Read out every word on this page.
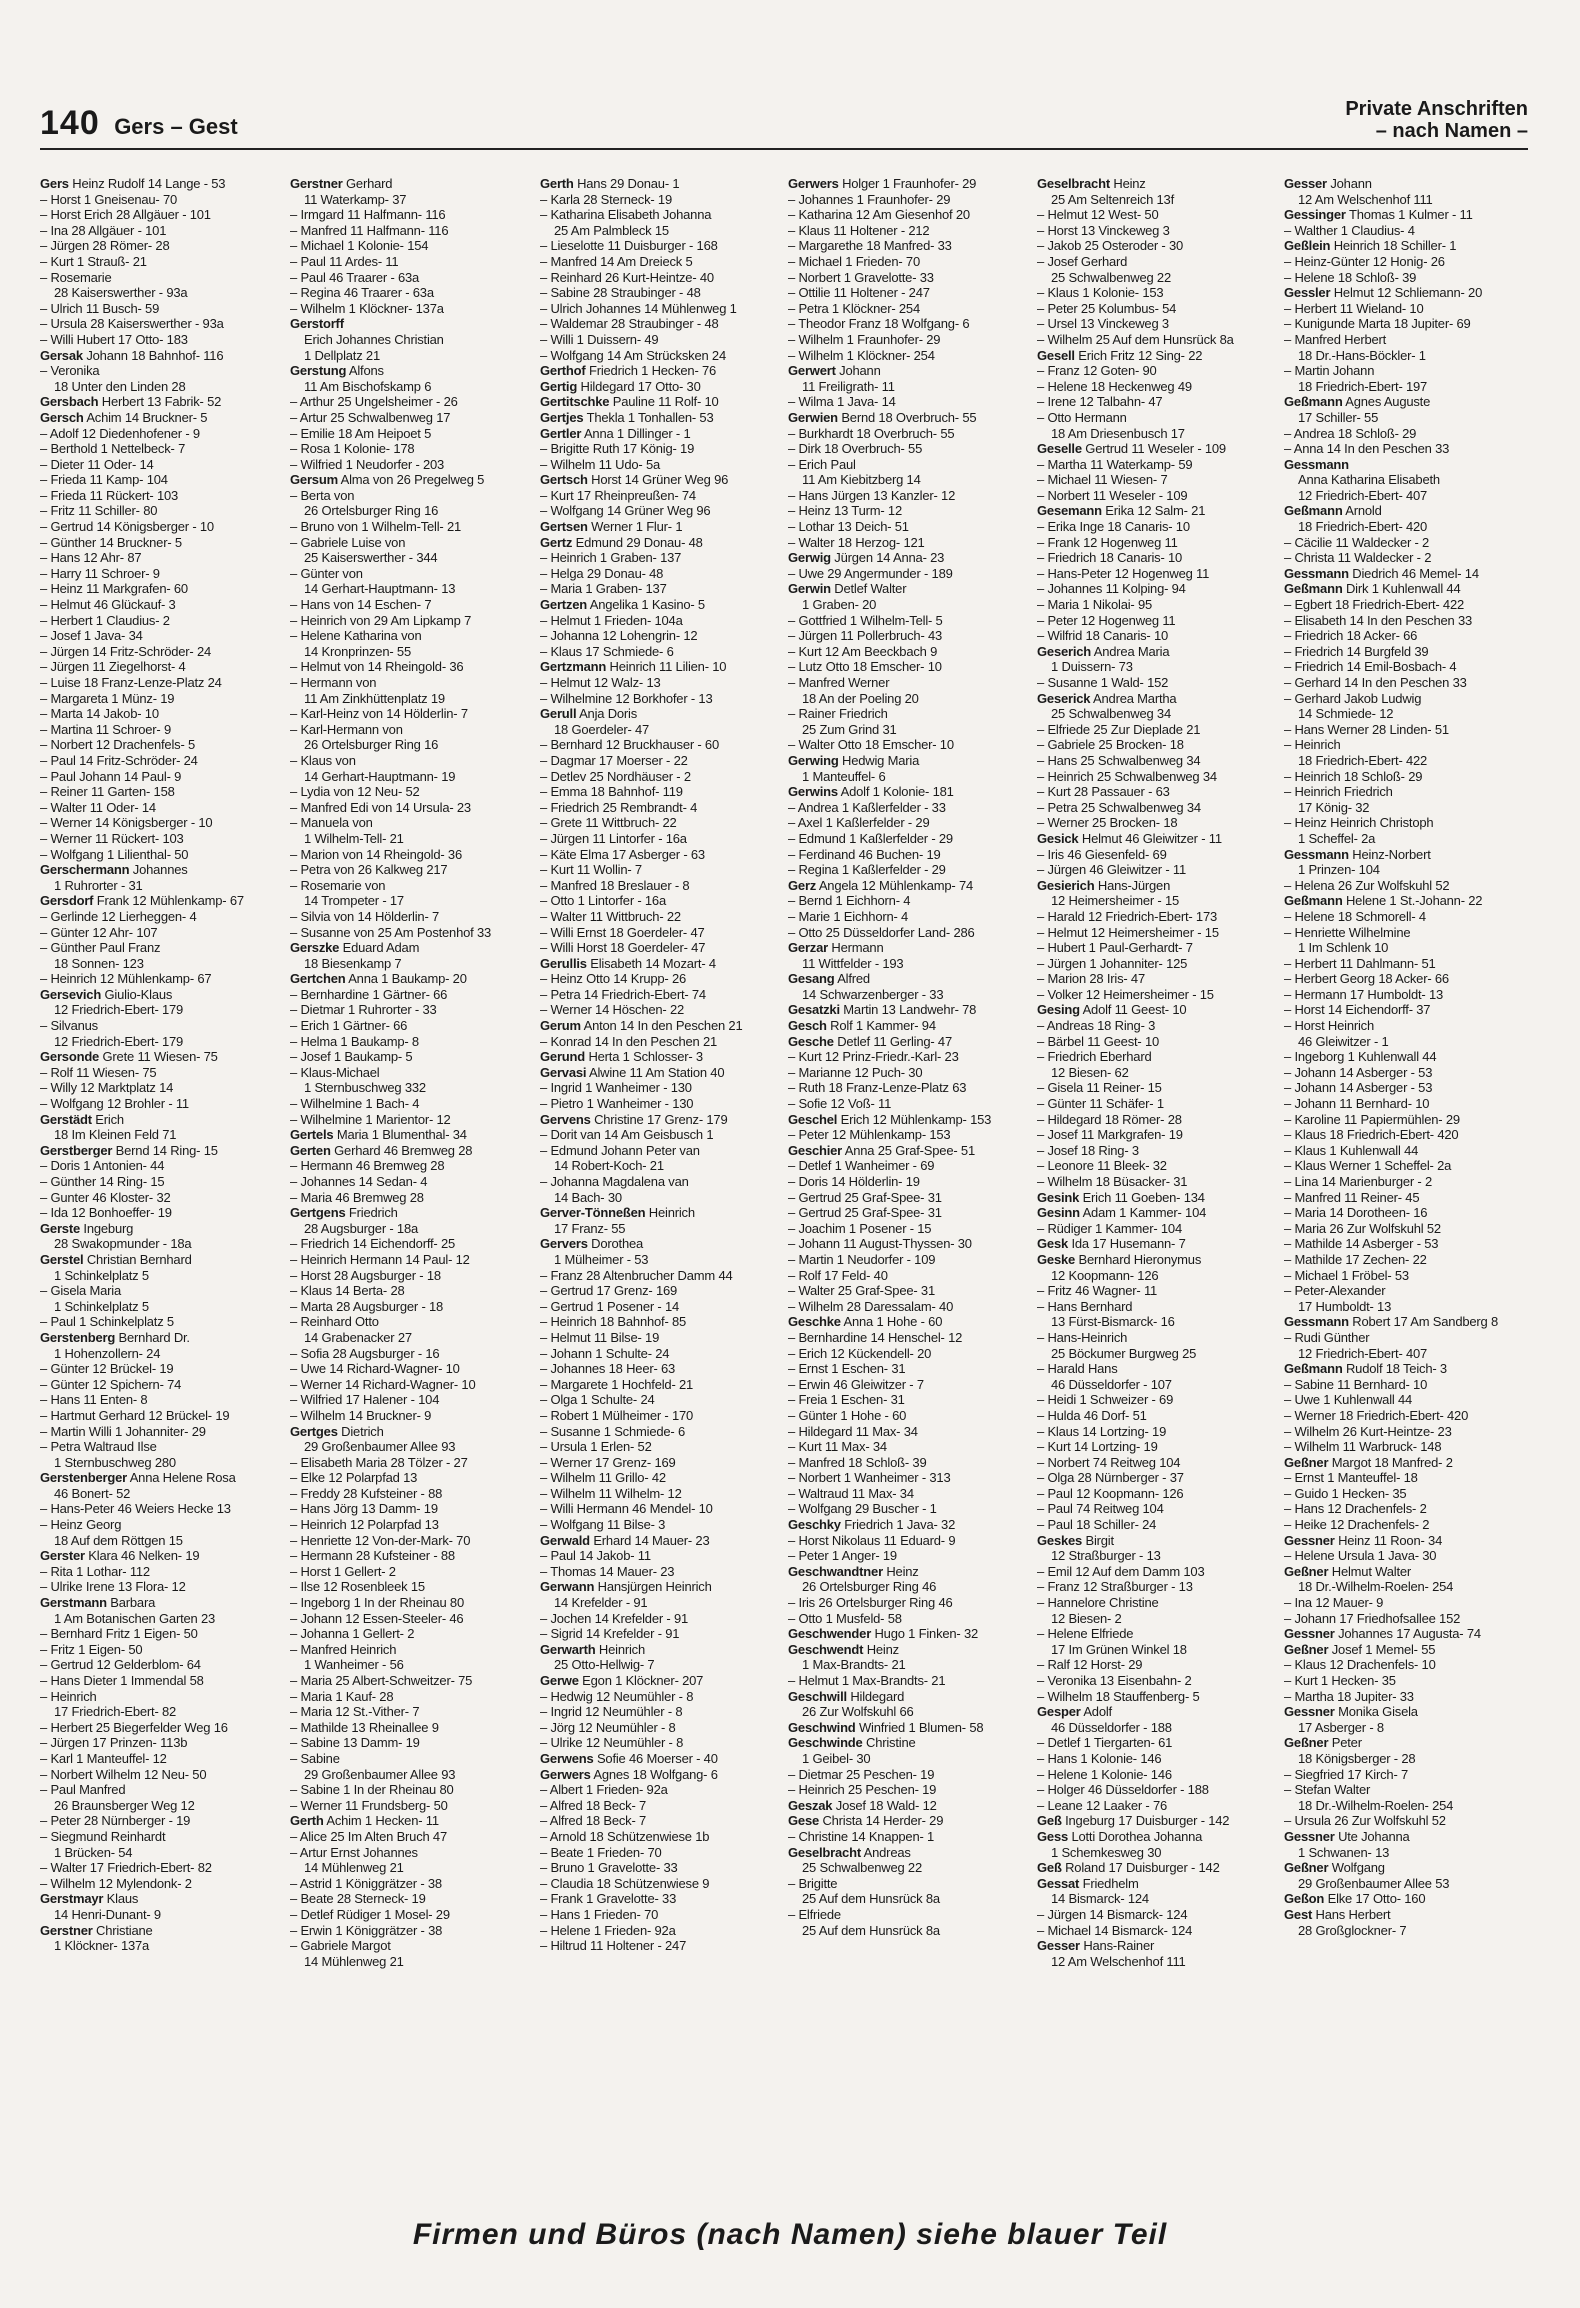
140 Gers – Gest
Private Anschriften
– nach Namen –
Gers Heinz Rudolf 14 Lange - 53
– Horst 1 Gneisenau- 70
– Horst Erich 28 Allgäuer - 101
– Ina 28 Allgäuer - 101
– Jürgen 28 Römer- 28
– Kurt 1 Strauß- 21
– Rosemarie
28 Kaiserswerther - 93a
– Ulrich 11 Busch- 59
– Ursula 28 Kaiserswerther - 93a
– Willi Hubert 17 Otto- 183
Gersak Johann 18 Bahnhof- 116
– Veronika
18 Unter den Linden 28
Gersbach Herbert 13 Fabrik- 52
Gersch Achim 14 Bruckner- 5
– Adolf 12 Diedenhofener - 9
– Berthold 1 Nettelbeck- 7
– Dieter 11 Oder- 14
– Frieda 11 Kamp- 104
– Frieda 11 Rückert- 103
– Fritz 11 Schiller- 80
– Gertrud 14 Königsberger - 10
– Günther 14 Bruckner- 5
– Hans 12 Ahr- 87
– Harry 11 Schroer- 9
– Heinz 11 Markgrafen- 60
– Helmut 46 Glückauf- 3
– Herbert 1 Claudius- 2
– Josef 1 Java- 34
– Jürgen 14 Fritz-Schröder- 24
– Jürgen 11 Ziegelhorst- 4
– Luise 18 Franz-Lenze-Platz 24
– Margareta 1 Münz- 19
– Marta 14 Jakob- 10
– Martina 11 Schroer- 9
– Norbert 12 Drachenfels- 5
– Paul 14 Fritz-Schröder- 24
– Paul Johann 14 Paul- 9
– Reiner 11 Garten- 158
– Walter 11 Oder- 14
– Werner 14 Königsberger - 10
– Werner 11 Rückert- 103
– Wolfgang 1 Lilienthal- 50
Gerschermann Johannes
1 Ruhrorter - 31
Gersdorf Frank 12 Mühlenkamp- 67
– Gerlinde 12 Lierheggen- 4
– Günter 12 Ahr- 107
– Günther Paul Franz
18 Sonnen- 123
– Heinrich 12 Mühlenkamp- 67
Gersevich Giulio-Klaus
12 Friedrich-Ebert- 179
– Silvanus
12 Friedrich-Ebert- 179
Gersonde Grete 11 Wiesen- 75
– Rolf 11 Wiesen- 75
– Willy 12 Marktplatz 14
– Wolfgang 12 Brohler - 11
Gerstädt Erich
18 Im Kleinen Feld 71
Gerstberger Bernd 14 Ring- 15
– Doris 1 Antonien- 44
– Günther 14 Ring- 15
– Gunter 46 Kloster- 32
– Ida 12 Bonhoeffer- 19
Gerste Ingeburg
28 Swakopmunder - 18a
Gerstel Christian Bernhard
1 Schinkelplatz 5
– Gisela Maria
1 Schinkelplatz 5
– Paul 1 Schinkelplatz 5
Gerstenberg Bernhard Dr.
1 Hohenzollern- 24
– Günter 12 Brückel- 19
– Günter 12 Spichern- 74
– Hans 11 Enten- 8
– Hartmut Gerhard 12 Brückel- 19
– Martin Willi 1 Johanniter- 29
– Petra Waltraud Ilse
1 Sternbuschweg 280
Gerstenberger Anna Helene Rosa
46 Bonert- 52
– Hans-Peter 46 Weiers Hecke 13
– Heinz Georg
18 Auf dem Röttgen 15
Gerster Klara 46 Nelken- 19
– Rita 1 Lothar- 112
– Ulrike Irene 13 Flora- 12
Gerstmann Barbara
1 Am Botanischen Garten 23
– Bernhard Fritz 1 Eigen- 50
– Fritz 1 Eigen- 50
– Gertrud 12 Gelderblom- 64
– Hans Dieter 1 Immendal 58
– Heinrich
17 Friedrich-Ebert- 82
– Herbert 25 Biegerfelder Weg 16
– Jürgen 17 Prinzen- 113b
– Karl 1 Manteuffel- 12
– Norbert Wilhelm 12 Neu- 50
– Paul Manfred
26 Braunsberger Weg 12
– Peter 28 Nürnberger - 19
– Siegmund Reinhardt
1 Brücken- 54
– Walter 17 Friedrich-Ebert- 82
– Wilhelm 12 Mylendonk- 2
Gerstmayr Klaus
14 Henri-Dunant- 9
Gerstner Christiane
1 Klöckner- 137a
Gerstner Gerhard
11 Waterkamp- 37
– Irmgard 11 Halfmann- 116
– Manfred 11 Halfmann- 116
– Michael 1 Kolonie- 154
– Paul 11 Ardes- 11
– Paul 46 Traarer - 63a
– Regina 46 Traarer - 63a
– Wilhelm 1 Klöckner- 137a
Gerstorff
Erich Johannes Christian
1 Dellplatz 21
Gerstung Alfons
11 Am Bischofskamp 6
– Arthur 25 Ungelsheimer - 26
– Artur 25 Schwalbenweg 17
– Emilie 18 Am Heipoet 5
– Rosa 1 Kolonie- 178
– Wilfried 1 Neudorfer - 203
Gersum Alma von 26 Pregelweg 5
– Berta von
26 Ortelsburger Ring 16
– Bruno von 1 Wilhelm-Tell- 21
– Gabriele Luise von
25 Kaiserswerther - 344
– Günter von
14 Gerhart-Hauptmann- 13
– Hans von 14 Eschen- 7
– Heinrich von 29 Am Lipkamp 7
– Helene Katharina von
14 Kronprinzen- 55
– Helmut von 14 Rheingold- 36
– Hermann von
11 Am Zinkhüttenplatz 19
– Karl-Heinz von 14 Hölderlin- 7
– Karl-Hermann von
26 Ortelsburger Ring 16
– Klaus von
14 Gerhart-Hauptmann- 19
– Lydia von 12 Neu- 52
– Manfred Edi von 14 Ursula- 23
– Manuela von
1 Wilhelm-Tell- 21
– Marion von 14 Rheingold- 36
– Petra von 26 Kalkweg 217
– Rosemarie von
14 Trompeter - 17
– Silvia von 14 Hölderlin- 7
– Susanne von 25 Am Postenhof 33
Gerszke Eduard Adam
18 Biesenkamp 7
Gertchen Anna 1 Baukamp- 20
– Bernhardine 1 Gärtner- 66
– Dietmar 1 Ruhrorter - 33
– Erich 1 Gärtner- 66
– Helma 1 Baukamp- 8
– Josef 1 Baukamp- 5
– Klaus-Michael
1 Sternbuschweg 332
– Wilhelmine 1 Bach- 4
– Wilhelmine 1 Marientor- 12
Gertels Maria 1 Blumenthal- 34
Gerten Gerhard 46 Bremweg 28
– Hermann 46 Bremweg 28
– Johannes 14 Sedan- 4
– Maria 46 Bremweg 28
Gertgens Friedrich
28 Augsburger - 18a
– Friedrich 14 Eichendorff- 25
– Heinrich Hermann 14 Paul- 12
– Horst 28 Augsburger - 18
– Klaus 14 Berta- 28
– Marta 28 Augsburger - 18
– Reinhard Otto
14 Grabenacker 27
– Sofia 28 Augsburger - 16
– Uwe 14 Richard-Wagner- 10
– Werner 14 Richard-Wagner- 10
– Wilfried 17 Halener - 104
– Wilhelm 14 Bruckner- 9
Gertges Dietrich
29 Großenbaumer Allee 93
– Elisabeth Maria 28 Tölzer - 27
– Elke 12 Polarpfad 13
– Freddy 28 Kufsteiner - 88
– Hans Jörg 13 Damm- 19
– Heinrich 12 Polarpfad 13
– Henriette 12 Von-der-Mark- 70
– Hermann 28 Kufsteiner - 88
– Horst 1 Gellert- 2
– Ilse 12 Rosenbleek 15
– Ingeborg 1 In der Rheinau 80
– Johann 12 Essen-Steeler- 46
– Johanna 1 Gellert- 2
– Manfred Heinrich
1 Wanheimer - 56
– Maria 25 Albert-Schweitzer- 75
– Maria 1 Kauf- 28
– Maria 12 St.-Vither- 7
– Mathilde 13 Rheinallee 9
– Sabine 13 Damm- 19
– Sabine
29 Großenbaumer Allee 93
– Sabine 1 In der Rheinau 80
– Werner 11 Frundsberg- 50
Gerth Achim 1 Hecken- 11
– Alice 25 Im Alten Bruch 47
– Artur Ernst Johannes
14 Mühlenweg 21
– Astrid 1 Königgrätzer - 38
– Beate 28 Sterneck- 19
– Detlef Rüdiger 1 Mosel- 29
– Erwin 1 Königgrätzer - 38
– Gabriele Margot
14 Mühlenweg 21
Gerth Hans 29 Donau- 1
– Karla 28 Sterneck- 19
– Katharina Elisabeth Johanna
25 Am Palmbleck 15
– Lieselotte 11 Duisburger - 168
– Manfred 14 Am Dreieck 5
– Reinhard 26 Kurt-Heintze- 40
– Sabine 28 Straubinger - 48
– Ulrich Johannes 14 Mühlenweg 1
– Waldemar 28 Straubinger - 48
– Willi 1 Duissern- 49
– Wolfgang 14 Am Strücksken 24
Gerthof Friedrich 1 Hecken- 76
Gertig Hildegard 17 Otto- 30
Gertitschke Pauline 11 Rolf- 10
Gertjes Thekla 1 Tonhallen- 53
Gertler Anna 1 Dillinger - 1
– Brigitte Ruth 17 König- 19
– Wilhelm 11 Udo- 5a
Gertsch Horst 14 Grüner Weg 96
– Kurt 17 Rheinpreußen- 74
– Wolfgang 14 Grüner Weg 96
Gertsen Werner 1 Flur- 1
Gertz Edmund 29 Donau- 48
– Heinrich 1 Graben- 137
– Helga 29 Donau- 48
– Maria 1 Graben- 137
Gertzen Angelika 1 Kasino- 5
– Helmut 1 Frieden- 104a
– Johanna 12 Lohengrin- 12
– Klaus 17 Schmiede- 6
Gertzmann Heinrich 11 Lilien- 10
– Helmut 12 Walz- 13
– Wilhelmine 12 Borkhofer - 13
Gerull Anja Doris
18 Goerdeler- 47
– Bernhard 12 Bruckhauser - 60
– Dagmar 17 Moerser - 22
– Detlev 25 Nordhäuser - 2
– Emma 18 Bahnhof- 119
– Friedrich 25 Rembrandt- 4
– Grete 11 Wittbruch- 22
– Jürgen 11 Lintorfer - 16a
– Käte Elma 17 Asberger - 63
– Kurt 11 Wollin- 7
– Manfred 18 Breslauer - 8
– Otto 1 Lintorfer - 16a
– Walter 11 Wittbruch- 22
– Willi Ernst 18 Goerdeler- 47
– Willi Horst 18 Goerdeler- 47
Gerullis Elisabeth 14 Mozart- 4
– Heinz Otto 14 Krupp- 26
– Petra 14 Friedrich-Ebert- 74
– Werner 14 Höschen- 22
Gerum Anton 14 In den Peschen 21
– Konrad 14 In den Peschen 21
Gerund Herta 1 Schlosser- 3
Gervasi Alwine 11 Am Station 40
– Ingrid 1 Wanheimer - 130
– Pietro 1 Wanheimer - 130
Gervens Christine 17 Grenz- 179
– Dorit van 14 Am Geisbusch 1
– Edmund Johann Peter van
14 Robert-Koch- 21
– Johanna Magdalena van
14 Bach- 30
Gerver-Tönneßen Heinrich
17 Franz- 55
Gervers Dorothea
1 Mülheimer - 53
– Franz 28 Altenbrucher Damm 44
– Gertrud 17 Grenz- 169
– Gertrud 1 Posener - 14
– Heinrich 18 Bahnhof- 85
– Helmut 11 Bilse- 19
– Johann 1 Schulte- 24
– Johannes 18 Heer- 63
– Margarete 1 Hochfeld- 21
– Olga 1 Schulte- 24
– Robert 1 Mülheimer - 170
– Susanne 1 Schmiede- 6
– Ursula 1 Erlen- 52
– Werner 17 Grenz- 169
– Wilhelm 11 Grillo- 42
– Wilhelm 11 Wilhelm- 12
– Willi Hermann 46 Mendel- 10
– Wolfgang 11 Bilse- 3
Gerwald Erhard 14 Mauer- 23
– Paul 14 Jakob- 11
– Thomas 14 Mauer- 23
Gerwann Hansjürgen Heinrich
14 Krefelder - 91
– Jochen 14 Krefelder - 91
– Sigrid 14 Krefelder - 91
Gerwarth Heinrich
25 Otto-Hellwig- 7
Gerwe Egon 1 Klöckner- 207
– Hedwig 12 Neumühler - 8
– Ingrid 12 Neumühler - 8
– Jörg 12 Neumühler - 8
– Ulrike 12 Neumühler - 8
Gerwens Sofie 46 Moerser - 40
Gerwers Agnes 18 Wolfgang- 6
– Albert 1 Frieden- 92a
– Alfred 18 Beck- 7
– Alfred 18 Beck- 7
– Arnold 18 Schützenwiese 1b
– Beate 1 Frieden- 70
– Bruno 1 Gravelotte- 33
– Claudia 18 Schützenwiese 9
– Frank 1 Gravelotte- 33
– Hans 1 Frieden- 70
– Helene 1 Frieden- 92a
– Hiltrud 11 Holtener - 247
Gerwers Holger 1 Fraunhofer- 29
– Johannes 1 Fraunhofer- 29
– Katharina 12 Am Giesenhof 20
– Klaus 11 Holtener - 212
– Margarethe 18 Manfred- 33
– Michael 1 Frieden- 70
– Norbert 1 Gravelotte- 33
– Ottilie 11 Holtener - 247
– Petra 1 Klöckner- 254
– Theodor Franz 18 Wolfgang- 6
– Wilhelm 1 Fraunhofer- 29
– Wilhelm 1 Klöckner- 254
Gerwert Johann
11 Freiligrath- 11
– Wilma 1 Java- 14
Gerwien Bernd 18 Overbruch- 55
– Burkhardt 18 Overbruch- 55
– Dirk 18 Overbruch- 55
– Erich Paul
11 Am Kiebitzberg 14
– Hans Jürgen 13 Kanzler- 12
– Heinz 13 Turm- 12
– Lothar 13 Deich- 51
– Walter 18 Herzog- 121
Gerwig Jürgen 14 Anna- 23
– Uwe 29 Angermunder - 189
Gerwin Detlef Walter
1 Graben- 20
– Gottfried 1 Wilhelm-Tell- 5
– Jürgen 11 Pollerbruch- 43
– Kurt 12 Am Beeckbach 9
– Lutz Otto 18 Emscher- 10
– Manfred Werner
18 An der Poeling 20
– Rainer Friedrich
25 Zum Grind 31
– Walter Otto 18 Emscher- 10
Gerwing Hedwig Maria
1 Manteuffel- 6
Gerwins Adolf 1 Kolonie- 181
– Andrea 1 Kaßlerfelder - 33
– Axel 1 Kaßlerfelder - 29
– Edmund 1 Kaßlerfelder - 29
– Ferdinand 46 Buchen- 19
– Regina 1 Kaßlerfelder - 29
Gerz Angela 12 Mühlenkamp- 74
– Bernd 1 Eichhorn- 4
– Marie 1 Eichhorn- 4
– Otto 25 Düsseldorfer Land- 286
Gerzar Hermann
11 Wittfelder - 193
Gesang Alfred
14 Schwarzenberger - 33
Gesatzki Martin 13 Landwehr- 78
Gesch Rolf 1 Kammer- 94
Gesche Detlef 11 Gerling- 47
– Kurt 12 Prinz-Friedr.-Karl- 23
– Marianne 12 Puch- 30
– Ruth 18 Franz-Lenze-Platz 63
– Sofie 12 Voß- 11
Geschel Erich 12 Mühlenkamp- 153
– Peter 12 Mühlenkamp- 153
Geschier Anna 25 Graf-Spee- 51
– Detlef 1 Wanheimer - 69
– Doris 14 Hölderlin- 19
– Gertrud 25 Graf-Spee- 31
– Gertrud 25 Graf-Spee- 31
– Joachim 1 Posener - 15
– Johann 11 August-Thyssen- 30
– Martin 1 Neudorfer - 109
– Rolf 17 Feld- 40
– Walter 25 Graf-Spee- 31
– Wilhelm 28 Daressalam- 40
Geschke Anna 1 Hohe - 60
– Bernhardine 14 Henschel- 12
– Erich 12 Kückendell- 20
– Ernst 1 Eschen- 31
– Erwin 46 Gleiwitzer - 7
– Freia 1 Eschen- 31
– Günter 1 Hohe - 60
– Hildegard 11 Max- 34
– Kurt 11 Max- 34
– Manfred 18 Schloß- 39
– Norbert 1 Wanheimer - 313
– Waltraud 11 Max- 34
– Wolfgang 29 Buscher - 1
Geschky Friedrich 1 Java- 32
– Horst Nikolaus 11 Eduard- 9
– Peter 1 Anger- 19
Geschwandtner Heinz
26 Ortelsburger Ring 46
– Iris 26 Ortelsburger Ring 46
– Otto 1 Musfeld- 58
Geschwender Hugo 1 Finken- 32
Geschwendt Heinz
1 Max-Brandts- 21
– Helmut 1 Max-Brandts- 21
Geschwill Hildegard
26 Zur Wolfskuhl 66
Geschwind Winfried 1 Blumen- 58
Geschwinde Christine
1 Geibel- 30
– Dietmar 25 Peschen- 19
– Heinrich 25 Peschen- 19
Geszak Josef 18 Wald- 12
Gese Christa 14 Herder- 29
– Christine 14 Knappen- 1
Geselbracht Andreas
25 Schwalbenweg 22
– Brigitte
25 Auf dem Hunsrück 8a
– Elfriede
25 Auf dem Hunsrück 8a
Geselbracht Heinz
25 Am Seltenreich 13f
– Helmut 12 West- 50
– Horst 13 Vinckeweg 3
– Jakob 25 Osteroder - 30
– Josef Gerhard
25 Schwalbenweg 22
– Klaus 1 Kolonie- 153
– Peter 25 Kolumbus- 54
– Ursel 13 Vinckeweg 3
– Wilhelm 25 Auf dem Hunsrück 8a
Gesell Erich Fritz 12 Sing- 22
– Franz 12 Goten- 90
– Helene 18 Heckenweg 49
– Irene 12 Talbahn- 47
– Otto Hermann
18 Am Driesenbusch 17
Geselle Gertrud 11 Weseler - 109
– Martha 11 Waterkamp- 59
– Michael 11 Wiesen- 7
– Norbert 11 Weseler - 109
Gesemann Erika 12 Salm- 21
– Erika Inge 18 Canaris- 10
– Frank 12 Hogenweg 11
– Friedrich 18 Canaris- 10
– Hans-Peter 12 Hogenweg 11
– Johannes 11 Kolping- 94
– Maria 1 Nikolai- 95
– Peter 12 Hogenweg 11
– Wilfrid 18 Canaris- 10
Geserich Andrea Maria
1 Duissern- 73
– Susanne 1 Wald- 152
Geserick Andrea Martha
25 Schwalbenweg 34
– Elfriede 25 Zur Dieplade 21
– Gabriele 25 Brocken- 18
– Hans 25 Schwalbenweg 34
– Heinrich 25 Schwalbenweg 34
– Kurt 28 Passauer - 63
– Petra 25 Schwalbenweg 34
– Werner 25 Brocken- 18
Gesick Helmut 46 Gleiwitzer - 11
– Iris 46 Giesenfeld- 69
– Jürgen 46 Gleiwitzer - 11
Gesierich Hans-Jürgen
12 Heimersheimer - 15
– Harald 12 Friedrich-Ebert- 173
– Helmut 12 Heimersheimer - 15
– Hubert 1 Paul-Gerhardt- 7
– Jürgen 1 Johanniter- 125
– Marion 28 Iris- 47
– Volker 12 Heimersheimer - 15
Gesing Adolf 11 Geest- 10
– Andreas 18 Ring- 3
– Bärbel 11 Geest- 10
– Friedrich Eberhard
12 Biesen- 62
– Gisela 11 Reiner- 15
– Günter 11 Schäfer- 1
– Hildegard 18 Römer- 28
– Josef 11 Markgrafen- 19
– Josef 18 Ring- 3
– Leonore 11 Bleek- 32
– Wilhelm 18 Büsacker- 31
Gesink Erich 11 Goeben- 134
Gesinn Adam 1 Kammer- 104
– Rüdiger 1 Kammer- 104
Gesk Ida 17 Husemann- 7
Geske Bernhard Hieronymus
12 Koopmann- 126
– Fritz 46 Wagner- 11
– Hans Bernhard
13 Fürst-Bismarck- 16
– Hans-Heinrich
25 Böckumer Burgweg 25
– Harald Hans
46 Düsseldorfer - 107
– Heidi 1 Schweizer - 69
– Hulda 46 Dorf- 51
– Klaus 14 Lortzing- 19
– Kurt 14 Lortzing- 19
– Norbert 74 Reitweg 104
– Olga 28 Nürnberger - 37
– Paul 12 Koopmann- 126
– Paul 74 Reitweg 104
– Paul 18 Schiller- 24
Geskes Birgit
12 Straßburger - 13
– Emil 12 Auf dem Damm 103
– Franz 12 Straßburger - 13
– Hannelore Christine
12 Biesen- 2
– Helene Elfriede
17 Im Grünen Winkel 18
– Ralf 12 Horst- 29
– Veronika 13 Eisenbahn- 2
– Wilhelm 18 Stauffenberg- 5
Gesper Adolf
46 Düsseldorfer - 188
– Detlef 1 Tiergarten- 61
– Hans 1 Kolonie- 146
– Helene 1 Kolonie- 146
– Holger 46 Düsseldorfer - 188
– Leane 12 Laaker - 76
Geß Ingeburg 17 Duisburger - 142
Gess Lotti Dorothea Johanna
1 Schemkesweg 30
Geß Roland 17 Duisburger - 142
Gessat Friedhelm
14 Bismarck- 124
– Jürgen 14 Bismarck- 124
– Michael 14 Bismarck- 124
Gesser Hans-Rainer
12 Am Welschenhof 111
Gesser Johann
12 Am Welschenhof 111
Gessinger Thomas 1 Kulmer - 11
– Walther 1 Claudius- 4
Geßlein Heinrich 18 Schiller- 1
– Heinz-Günter 12 Honig- 26
– Helene 18 Schloß- 39
Gessler Helmut 12 Schliemann- 20
– Herbert 11 Wieland- 10
– Kunigunde Marta 18 Jupiter- 69
– Manfred Herbert
18 Dr.-Hans-Böckler- 1
– Martin Johann
18 Friedrich-Ebert- 197
Geßmann Agnes Auguste
17 Schiller- 55
– Andrea 18 Schloß- 29
– Anna 14 In den Peschen 33
Gessmann
Anna Katharina Elisabeth
12 Friedrich-Ebert- 407
Geßmann Arnold
18 Friedrich-Ebert- 420
– Cäcilie 11 Waldecker - 2
– Christa 11 Waldecker - 2
Gessmann Diedrich 46 Memel- 14
Geßmann Dirk 1 Kuhlenwall 44
– Egbert 18 Friedrich-Ebert- 422
– Elisabeth 14 In den Peschen 33
– Friedrich 18 Acker- 66
– Friedrich 14 Burgfeld 39
– Friedrich 14 Emil-Bosbach- 4
– Gerhard 14 In den Peschen 33
– Gerhard Jakob Ludwig
14 Schmiede- 12
– Hans Werner 28 Linden- 51
– Heinrich
18 Friedrich-Ebert- 422
– Heinrich 18 Schloß- 29
– Heinrich Friedrich
17 König- 32
– Heinz Heinrich Christoph
1 Scheffel- 2a
Gessmann Heinz-Norbert
1 Prinzen- 104
– Helena 26 Zur Wolfskuhl 52
Geßmann Helene 1 St.-Johann- 22
– Helene 18 Schmorell- 4
– Henriette Wilhelmine
1 Im Schlenk 10
– Herbert 11 Dahlmann- 51
– Herbert Georg 18 Acker- 66
– Hermann 17 Humboldt- 13
– Horst 14 Eichendorff- 37
– Horst Heinrich
46 Gleiwitzer - 1
– Ingeborg 1 Kuhlenwall 44
– Johann 14 Asberger - 53
– Johann 14 Asberger - 53
– Johann 11 Bernhard- 10
– Karoline 11 Papiermühlen- 29
– Klaus 18 Friedrich-Ebert- 420
– Klaus 1 Kuhlenwall 44
– Klaus Werner 1 Scheffel- 2a
– Lina 14 Marienburger - 2
– Manfred 11 Reiner- 45
– Maria 14 Dorotheen- 16
– Maria 26 Zur Wolfskuhl 52
– Mathilde 14 Asberger - 53
– Mathilde 17 Zechen- 22
– Michael 1 Fröbel- 53
– Peter-Alexander
17 Humboldt- 13
Gessmann Robert 17 Am Sandberg 8
– Rudi Günther
12 Friedrich-Ebert- 407
Geßmann Rudolf 18 Teich- 3
– Sabine 11 Bernhard- 10
– Uwe 1 Kuhlenwall 44
– Werner 18 Friedrich-Ebert- 420
– Wilhelm 26 Kurt-Heintze- 23
– Wilhelm 11 Warbruck- 148
Geßner Margot 18 Manfred- 2
– Ernst 1 Manteuffel- 18
– Guido 1 Hecken- 35
– Hans 12 Drachenfels- 2
– Heike 12 Drachenfels- 2
Gessner Heinz 11 Roon- 34
– Helene Ursula 1 Java- 30
Geßner Helmut Walter
18 Dr.-Wilhelm-Roelen- 254
– Ina 12 Mauer- 9
– Johann 17 Friedhofsallee 152
Gessner Johannes 17 Augusta- 74
Geßner Josef 1 Memel- 55
– Klaus 12 Drachenfels- 10
– Kurt 1 Hecken- 35
– Martha 18 Jupiter- 33
Gessner Monika Gisela
17 Asberger - 8
Geßner Peter
18 Königsberger - 28
– Siegfried 17 Kirch- 7
– Stefan Walter
18 Dr.-Wilhelm-Roelen- 254
– Ursula 26 Zur Wolfskuhl 52
Gessner Ute Johanna
1 Schwanen- 13
Geßner Wolfgang
29 Großenbaumer Allee 53
Geßon Elke 17 Otto- 160
Gest Hans Herbert
28 Großglockner- 7
Firmen und Büros (nach Namen) siehe blauer Teil
